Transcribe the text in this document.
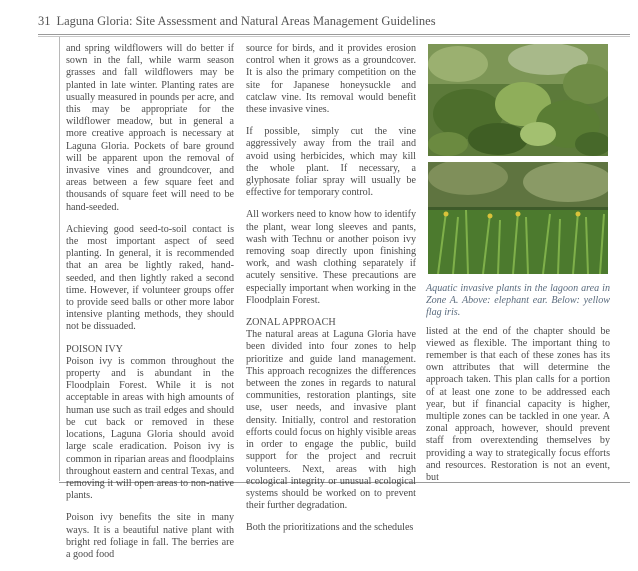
31 Laguna Gloria: Site Assessment and Natural Areas Management Guidelines

and spring wildflowers will do better if sown in the fall, while warm season grasses and fall wildflowers may be planted in late winter. Planting rates are usually measured in pounds per acre, and this may be appropriate for the wildflower meadow, but in general a more creative approach is necessary at Laguna Gloria. Pockets of bare ground will be apparent upon the removal of invasive vines and groundcover, and areas between a few square feet and thousands of square feet will need to be hand-seeded.

Achieving good seed-to-soil contact is the most important aspect of seed planting. In general, it is recommended that an area be lightly raked, hand-seeded, and then lightly raked a second time. However, if volunteer groups offer to provide seed balls or other more labor intensive planting methods, they should not be dissuaded.

POISON IVY

Poison ivy is common throughout the property and is abundant in the Floodplain Forest. While it is not acceptable in areas with high amounts of human use such as trail edges and should be cut back or removed in these locations, Laguna Gloria should avoid large scale eradication. Poison ivy is common in riparian areas and floodplains throughout eastern and central Texas, and removing it will open areas to non-native plants.

Poison ivy benefits the site in many ways. It is a beautiful native plant with bright red foliage in fall. The berries are a good food

source for birds, and it provides erosion control when it grows as a groundcover. It is also the primary competition on the site for Japanese honeysuckle and catclaw vine. Its removal would benefit these invasive vines.

If possible, simply cut the vine aggressively away from the trail and avoid using herbicides, which may kill the whole plant. If necessary, a glyphosate foliar spray will usually be effective for temporary control.

All workers need to know how to identify the plant, wear long sleeves and pants, wash with Technu or another poison ivy removing soap directly upon finishing work, and wash clothing separately if acutely sensitive. These precautions are especially important when working in the Floodplain Forest.

ZONAL APPROACH

The natural areas at Laguna Gloria have been divided into four zones to help prioritize and guide land management. This approach recognizes the differences between the zones in regards to natural communities, restoration plantings, site use, user needs, and invasive plant density. Initially, control and restoration efforts could focus on highly visible areas in order to engage the public, build support for the project and recruit volunteers. Next, areas with high ecological integrity or unusual ecological systems should be worked on to prevent their further degradation.

Both the prioritizations and the schedules

Aquatic invasive plants in the lagoon area in Zone A. Above: elephant ear. Below: yellow flag iris.

listed at the end of the chapter should be viewed as flexible. The important thing to remember is that each of these zones has its own attributes that will determine the approach taken. This plan calls for a portion of at least one zone to be addressed each year, but if financial capacity is higher, multiple zones can be tackled in one year. A zonal approach, however, should prevent staff from overextending themselves by providing a way to strategically focus efforts and resources. Restoration is not an event, but
